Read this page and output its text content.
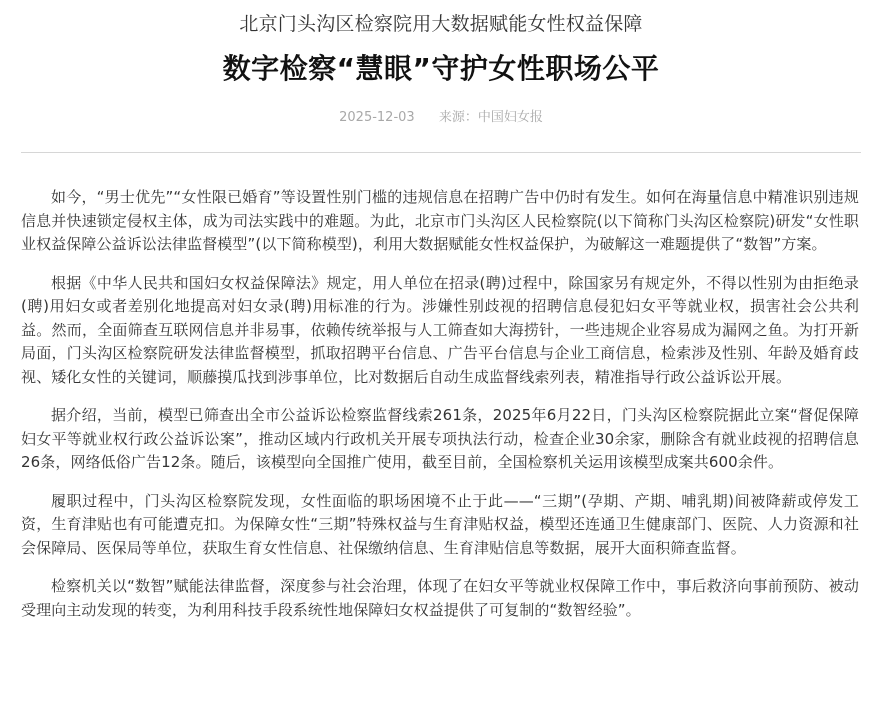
北京门头沟区检察院用大数据赋能女性权益保障
数字检察“慧眼”守护女性职场公平

2025-12-03 来源：中国妇女报

如今，“男士优先”“女性限已婚育”等设置性别门槛的违规信息在招聘广告中仍时有发生。如何在海量信息中精准识别违规信息并快速锁定侵权主体，成为司法实践中的难题。为此，北京市门头沟区人民检察院(以下简称门头沟区检察院)研发“女性职业权益保障公益诉讼法律监督模型”(以下简称模型)，利用大数据赋能女性权益保护，为破解这一难题提供了“数智”方案。

根据《中华人民共和国妇女权益保障法》规定，用人单位在招录(聘)过程中，除国家另有规定外，不得以性别为由拒绝录(聘)用妇女或者差别化地提高对妇女录(聘)用标准的行为。涉嫌性别歧视的招聘信息侵犯妇女平等就业权，损害社会公共利益。然而，全面筛查互联网信息并非易事，依赖传统举报与人工筛查如大海捞针，一些违规企业容易成为漏网之鱼。为打开新局面，门头沟区检察院研发法律监督模型，抓取招聘平台信息、广告平台信息与企业工商信息，检索涉及性别、年龄及婚育歧视、矮化女性的关键词，顺藤摸瓜找到涉事单位，比对数据后自动生成监督线索列表，精准指导行政公益诉讼开展。

据介绍，当前，模型已筛查出全市公益诉讼检察监督线索261条，2025年6月22日，门头沟区检察院据此立案“督促保障妇女平等就业权行政公益诉讼案”，推动区域内行政机关开展专项执法行动，检查企业30余家，删除含有就业歧视的招聘信息26条，网络低俗广告12条。随后，该模型向全国推广使用，截至目前，全国检察机关运用该模型成案共600余件。

履职过程中，门头沟区检察院发现，女性面临的职场困境不止于此——“三期”(孕期、产期、哺乳期)间被降薪或停发工资，生育津贴也有可能遭克扣。为保障女性“三期”特殊权益与生育津贴权益，模型还连通卫生健康部门、医院、人力资源和社会保障局、医保局等单位，获取生育女性信息、社保缴纳信息、生育津贴信息等数据，展开大面积筛查监督。

检察机关以“数智”赋能法律监督，深度参与社会治理，体现了在妇女平等就业权保障工作中，事后救济向事前预防、被动受理向主动发现的转变，为利用科技手段系统性地保障妇女权益提供了可复制的“数智经验”。
